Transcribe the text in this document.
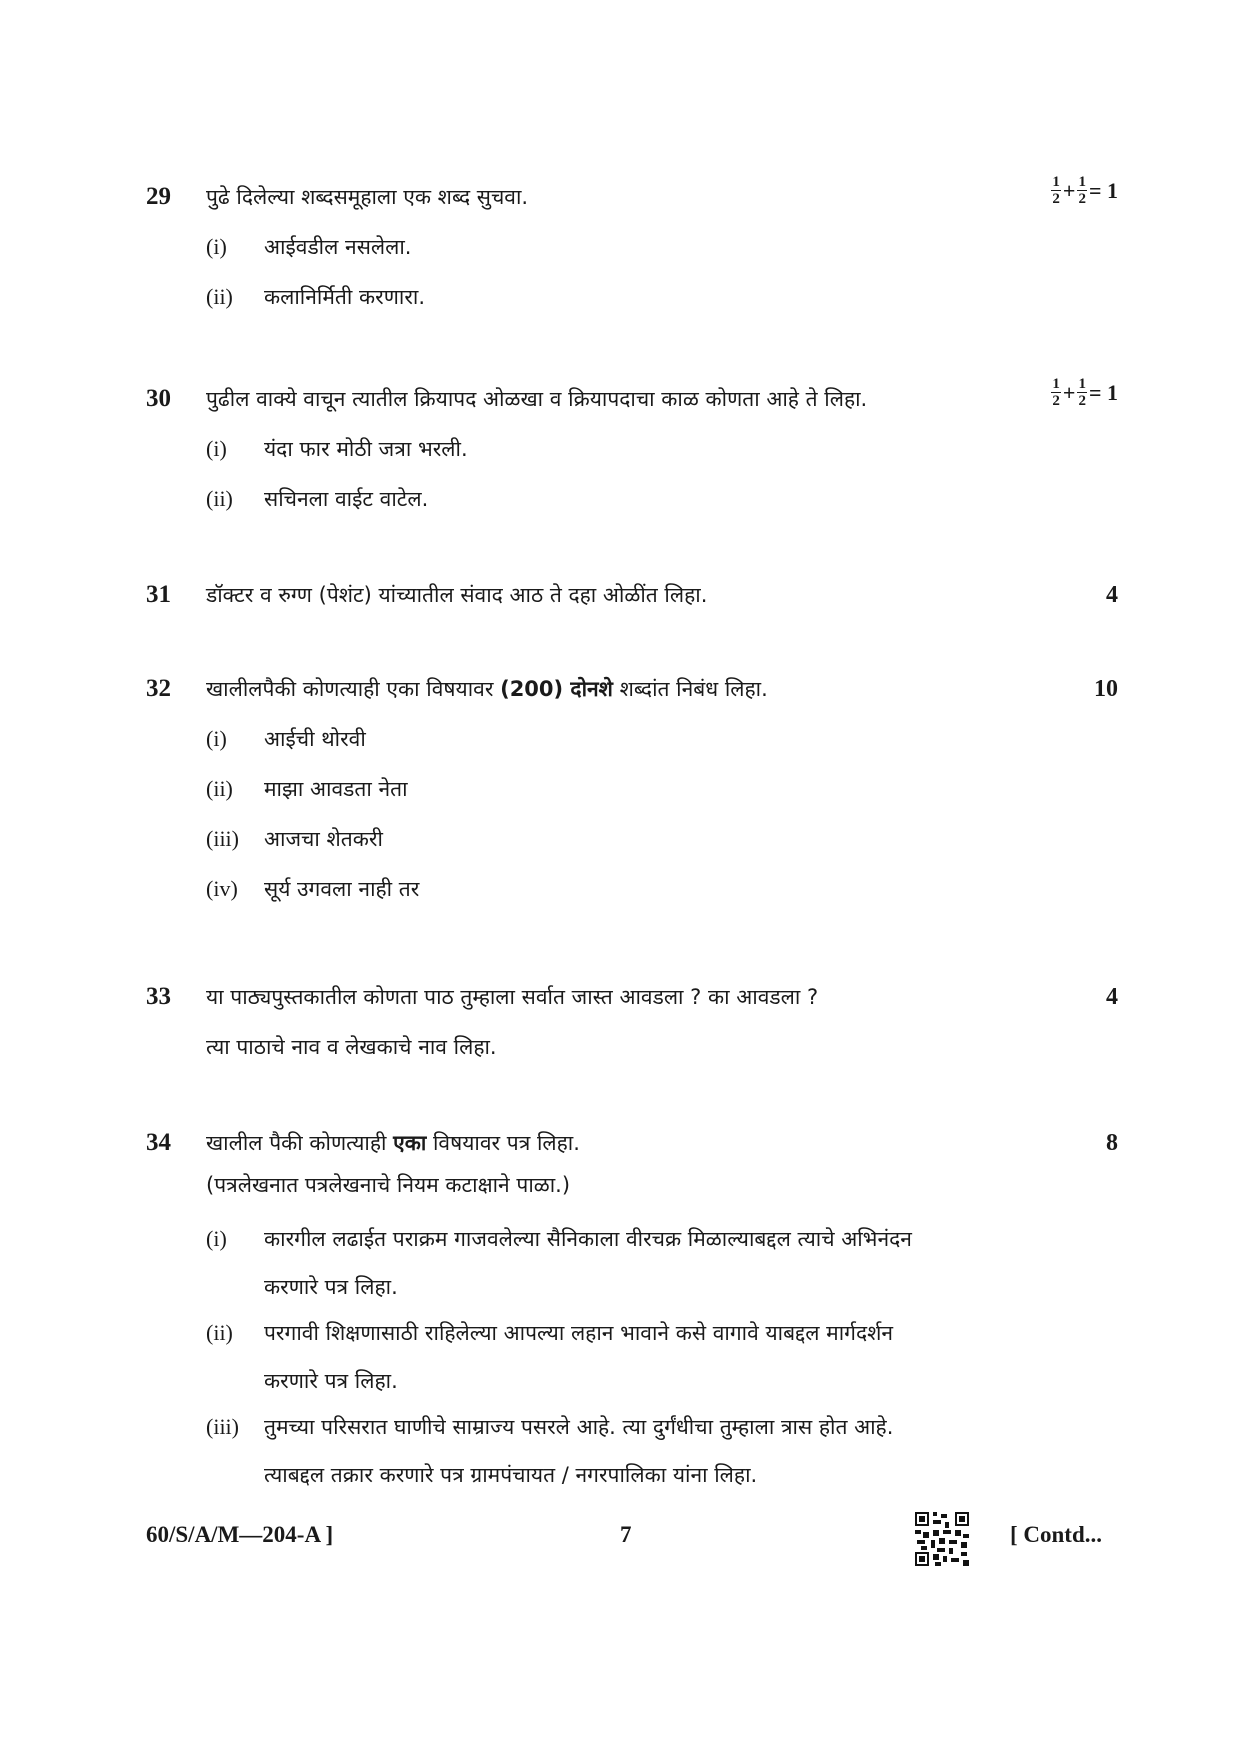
29 पुढे दिलेल्या शब्दसमूहाला एक शब्द सुचवा.	$\frac{1}{2} + \frac{1}{2} = 1$
(i) आईवडील नसलेला.
(ii) कलानिर्मिती करणारा.
30 पुढील वाक्ये वाचून त्यातील क्रियापद ओळखा व क्रियापदाचा काळ कोणता आहे ते लिहा.	$\frac{1}{2} + \frac{1}{2} = 1$
(i) यंदा फार मोठी जत्रा भरली.
(ii) सचिनला वाईट वाटेल.
31 डॉक्टर व रुग्ण (पेशंट) यांच्यातील संवाद आठ ते दहा ओळींत लिहा.	4
32 खालीलपैकी कोणत्याही एका विषयावर (200) दोनशे शब्दांत निबंध लिहा.	10
(i) आईची थोरवी
(ii) माझा आवडता नेता
(iii) आजचा शेतकरी
(iv) सूर्य उगवला नाही तर
33 या पाठ्यपुस्तकातील कोणता पाठ तुम्हाला सर्वात जास्त आवडला ? का आवडला ?
त्या पाठाचे नाव व लेखकाचे नाव लिहा.
4
34 खालील पैकी कोणत्याही एका विषयावर पत्र लिहा.
(पत्रलेखनात पत्रलेखनाचे नियम कटाक्षाने पाळा.)
8
(i) कारगील लढाईत पराक्रम गाजवलेल्या सैनिकाला वीरचक्र मिळाल्याबद्दल त्याचे अभिनंदन
करणारे पत्र लिहा.
(ii) परगावी शिक्षणासाठी राहिलेल्या आपल्या लहान भावाने कसे वागावे याबद्दल मार्गदर्शन
करणारे पत्र लिहा.
(iii) तुमच्या परिसरात घाणीचे साम्राज्य पसरले आहे. त्या दुर्गंधीचा तुम्हाला त्रास होत आहे.
त्याबद्दल तक्रार करणारे पत्र ग्रामपंचायत / नगरपालिका यांना लिहा.
60/S/A/M—204-A ]	7	[ Contd...
